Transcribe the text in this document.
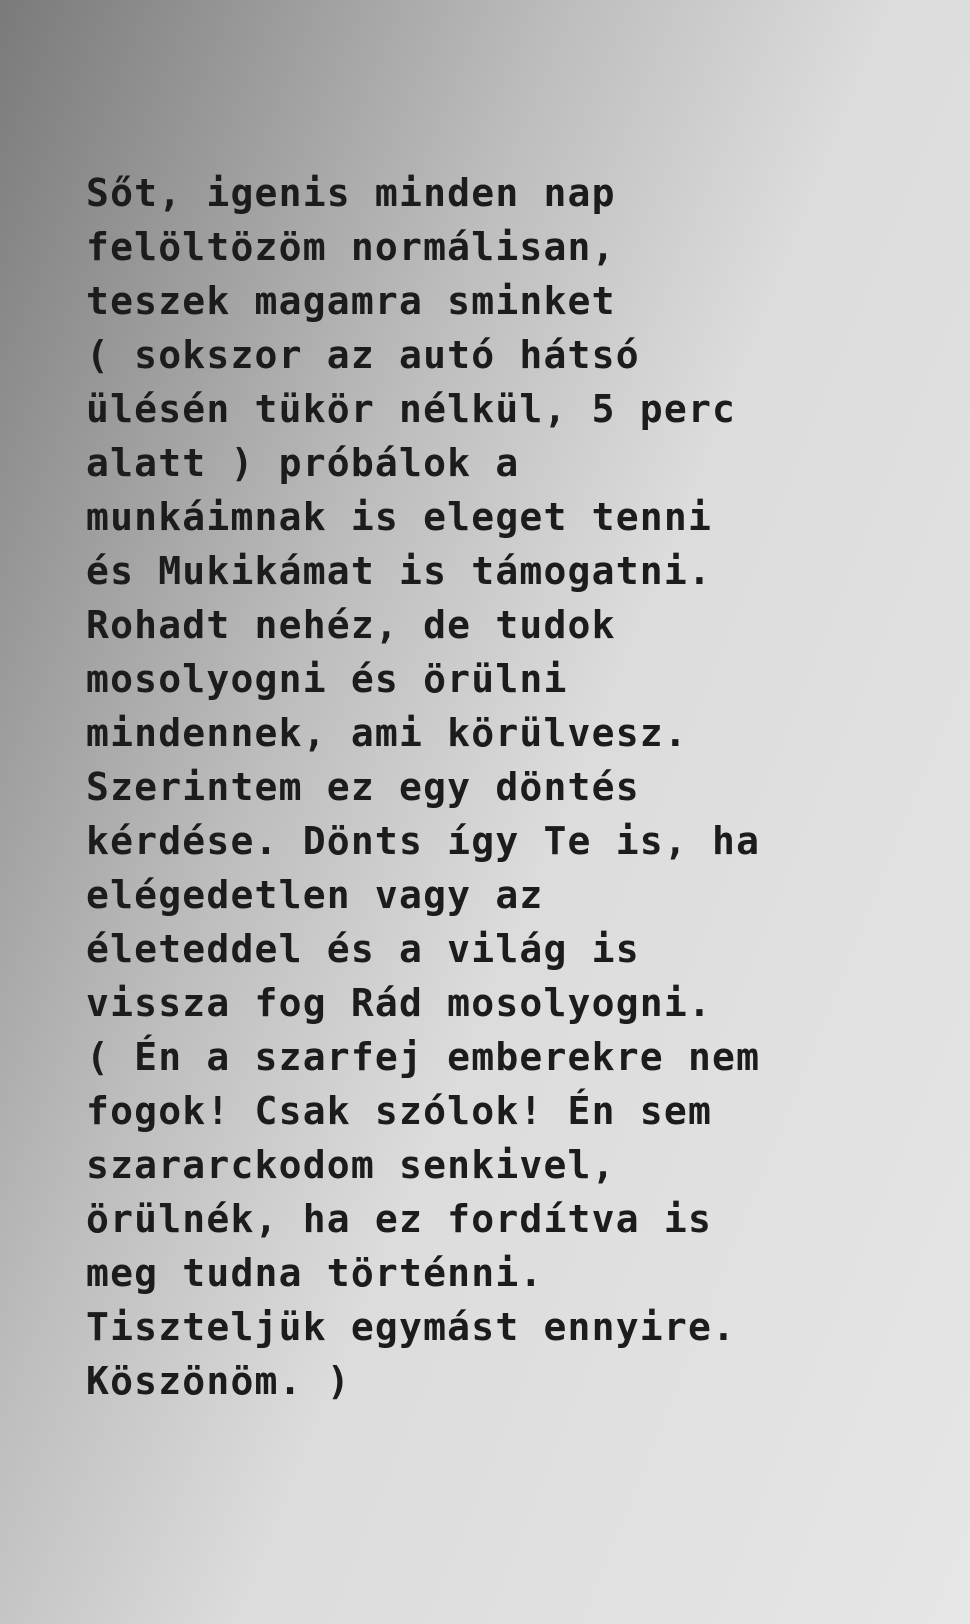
Sőt, igenis minden nap
felöltözöm normálisan,
teszek magamra sminket
( sokszor az autó hátsó
ülésén tükör nélkül, 5 perc
alatt ) próbálok a
munkáimnak is eleget tenni
és Mukikámat is támogatni.
Rohadt nehéz, de tudok
mosolyogni és örülni
mindennek, ami körülvesz.
Szerintem ez egy döntés
kérdése. Dönts így Te is, ha
elégedetlen vagy az
életeddel és a világ is
vissza fog Rád mosolyogni.
( Én a szarfej emberekre nem
fogok! Csak szólok! Én sem
szararckodom senkivel,
örülnék, ha ez fordítva is
meg tudna történni.
Tiszteljük egymást ennyire.
Köszönöm. )
